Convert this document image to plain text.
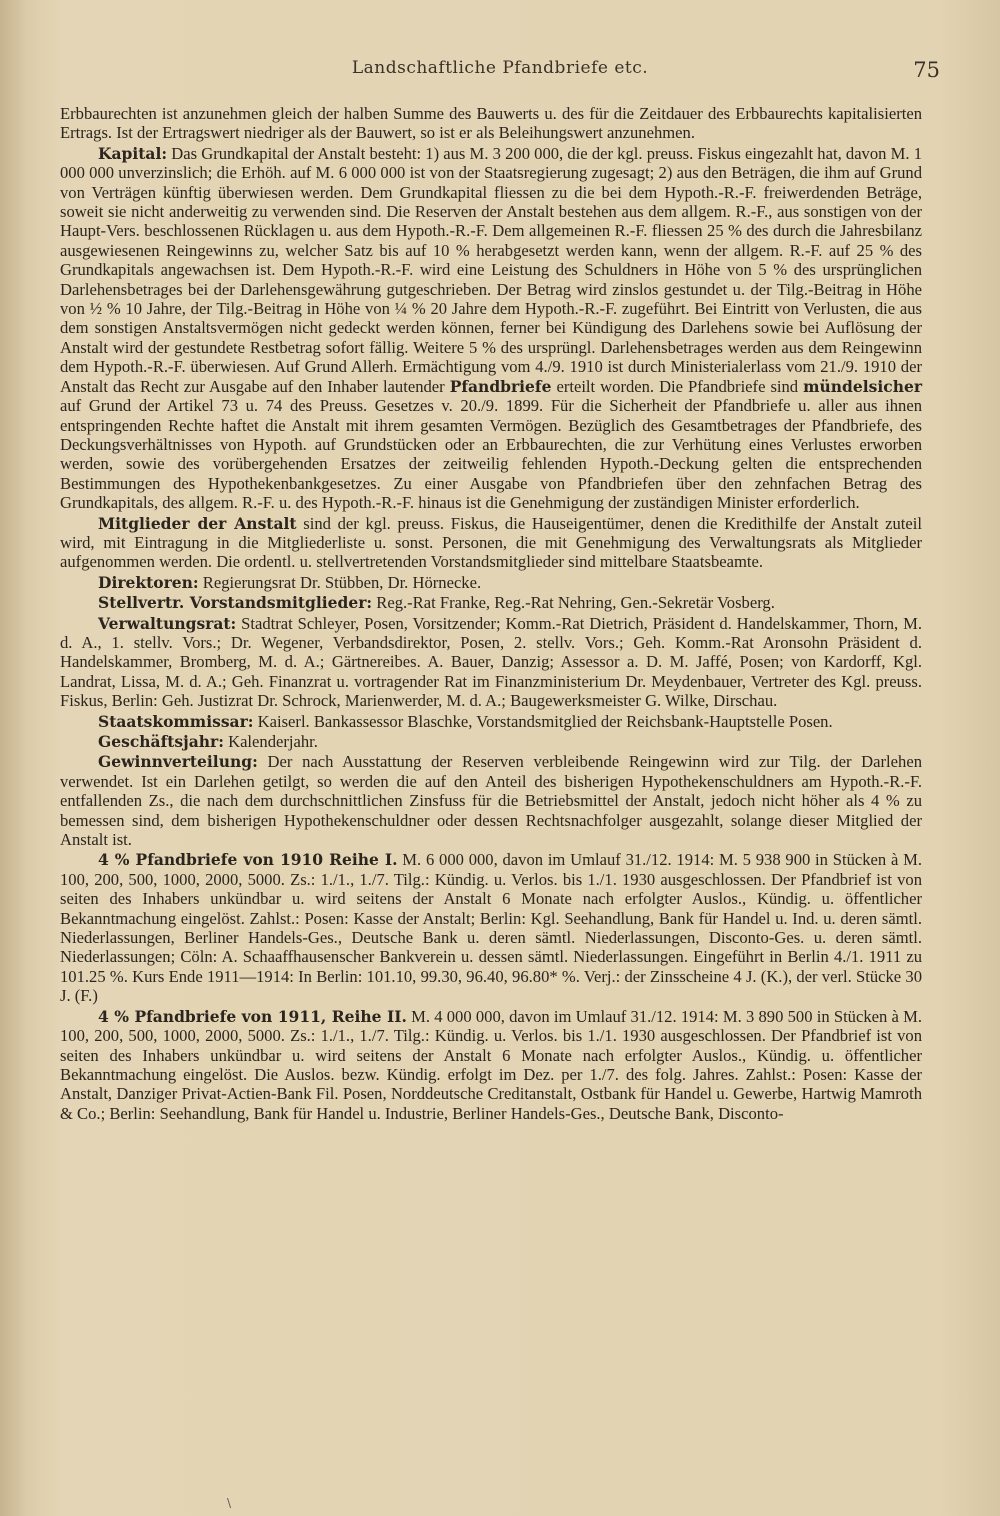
Landschaftliche Pfandbriefe etc.	75

Erbbaurechten ist anzunehmen gleich der halben Summe des Bauwerts u. des für die Zeitdauer des Erbbaurechts kapitalisierten Ertrags. Ist der Ertragswert niedriger als der Bauwert, so ist er als Beleihungswert anzunehmen.

Kapital: Das Grundkapital der Anstalt besteht: 1) aus M. 3 200 000, die der kgl. preuss. Fiskus eingezahlt hat, davon M. 1 000 000 unverzinslich; die Erhöh. auf M. 6 000 000 ist von der Staatsregierung zugesagt; 2) aus den Beträgen, die ihm auf Grund von Verträgen künftig überwiesen werden. Dem Grundkapital fliessen zu die bei dem Hypoth.-R.-F. freiwerdenden Beträge, soweit sie nicht anderweitig zu verwenden sind. Die Reserven der Anstalt bestehen aus dem allgem. R.-F., aus sonstigen von der Haupt-Vers. beschlossenen Rücklagen u. aus dem Hypoth.-R.-F. Dem allgemeinen R.-F. fliessen 25 % des durch die Jahresbilanz ausgewiesenen Reingewinns zu, welcher Satz bis auf 10 % herabgesetzt werden kann, wenn der allgem. R.-F. auf 25 % des Grundkapitals angewachsen ist. Dem Hypoth.-R.-F. wird eine Leistung des Schuldners in Höhe von 5 % des ursprünglichen Darlehensbetrages bei der Darlehensgewährung gutgeschrieben. Der Betrag wird zinslos gestundet u. der Tilg.-Beitrag in Höhe von ½ % 10 Jahre, der Tilg.-Beitrag in Höhe von ¼ % 20 Jahre dem Hypoth.-R.-F. zugeführt. Bei Eintritt von Verlusten, die aus dem sonstigen Anstaltsvermögen nicht gedeckt werden können, ferner bei Kündigung des Darlehens sowie bei Auflösung der Anstalt wird der gestundete Restbetrag sofort fällig. Weitere 5 % des ursprüngl. Darlehensbetrages werden aus dem Reingewinn dem Hypoth.-R.-F. überwiesen. Auf Grund Allerh. Ermächtigung vom 4./9. 1910 ist durch Ministerialerlass vom 21./9. 1910 der Anstalt das Recht zur Ausgabe auf den Inhaber lautender Pfandbriefe erteilt worden. Die Pfandbriefe sind mündelsicher auf Grund der Artikel 73 u. 74 des Preuss. Gesetzes v. 20./9. 1899. Für die Sicherheit der Pfandbriefe u. aller aus ihnen entspringenden Rechte haftet die Anstalt mit ihrem gesamten Vermögen. Bezüglich des Gesamtbetrages der Pfandbriefe, des Deckungsverhältnisses von Hypoth. auf Grundstücken oder an Erbbaurechten, die zur Verhütung eines Verlustes erworben werden, sowie des vorübergehenden Ersatzes der zeitweilig fehlenden Hypoth.-Deckung gelten die entsprechenden Bestimmungen des Hypothekenbankgesetzes. Zu einer Ausgabe von Pfandbriefen über den zehnfachen Betrag des Grundkapitals, des allgem. R.-F. u. des Hypoth.-R.-F. hinaus ist die Genehmigung der zuständigen Minister erforderlich.

Mitglieder der Anstalt sind der kgl. preuss. Fiskus, die Hauseigentümer, denen die Kredithilfe der Anstalt zuteil wird, mit Eintragung in die Mitgliederliste u. sonst. Personen, die mit Genehmigung des Verwaltungsrats als Mitglieder aufgenommen werden. Die ordentl. u. stellvertretenden Vorstandsmitglieder sind mittelbare Staatsbeamte.

Direktoren: Regierungsrat Dr. Stübben, Dr. Hörnecke.

Stellvertr. Vorstandsmitglieder: Reg.-Rat Franke, Reg.-Rat Nehring, Gen.-Sekretär Vosberg.

Verwaltungsrat: Stadtrat Schleyer, Posen, Vorsitzender; Komm.-Rat Dietrich, Präsident d. Handelskammer, Thorn, M. d. A., 1. stellv. Vors.; Dr. Wegener, Verbandsdirektor, Posen, 2. stellv. Vors.; Geh. Komm.-Rat Aronsohn Präsident d. Handelskammer, Bromberg, M. d. A.; Gärtnereibes. A. Bauer, Danzig; Assessor a. D. M. Jaffé, Posen; von Kardorff, Kgl. Landrat, Lissa, M. d. A.; Geh. Finanzrat u. vortragender Rat im Finanzministerium Dr. Meydenbauer, Vertreter des Kgl. preuss. Fiskus, Berlin: Geh. Justizrat Dr. Schrock, Marienwerder, M. d. A.; Baugewerksmeister G. Wilke, Dirschau.

Staatskommissar: Kaiserl. Bankassessor Blaschke, Vorstandsmitglied der Reichsbank-Hauptstelle Posen.

Geschäftsjahr: Kalenderjahr.

Gewinnverteilung: Der nach Ausstattung der Reserven verbleibende Reingewinn wird zur Tilg. der Darlehen verwendet. Ist ein Darlehen getilgt, so werden die auf den Anteil des bisherigen Hypothekenschuldners am Hypoth.-R.-F. entfallenden Zs., die nach dem durchschnittlichen Zinsfuss für die Betriebsmittel der Anstalt, jedoch nicht höher als 4 % zu bemessen sind, dem bisherigen Hypothekenschuldner oder dessen Rechtsnachfolger ausgezahlt, solange dieser Mitglied der Anstalt ist.

4 % Pfandbriefe von 1910 Reihe I. M. 6 000 000, davon im Umlauf 31./12. 1914: M. 5 938 900 in Stücken à M. 100, 200, 500, 1000, 2000, 5000. Zs.: 1./1., 1./7. Tilg.: Kündig. u. Verlos. bis 1./1. 1930 ausgeschlossen. Der Pfandbrief ist von seiten des Inhabers unkündbar u. wird seitens der Anstalt 6 Monate nach erfolgter Auslos., Kündig. u. öffentlicher Bekanntmachung eingelöst. Zahlst.: Posen: Kasse der Anstalt; Berlin: Kgl. Seehandlung, Bank für Handel u. Ind. u. deren sämtl. Niederlassungen, Berliner Handels-Ges., Deutsche Bank u. deren sämtl. Niederlassungen, Disconto-Ges. u. deren sämtl. Niederlassungen; Cöln: A. Schaaffhausenscher Bankverein u. dessen sämtl. Niederlassungen. Eingeführt in Berlin 4./1. 1911 zu 101.25 %. Kurs Ende 1911—1914: In Berlin: 101.10, 99.30, 96.40, 96.80* %. Verj.: der Zinsscheine 4 J. (K.), der verl. Stücke 30 J. (F.)

4 % Pfandbriefe von 1911, Reihe II. M. 4 000 000, davon im Umlauf 31./12. 1914: M. 3 890 500 in Stücken à M. 100, 200, 500, 1000, 2000, 5000. Zs.: 1./1., 1./7. Tilg.: Kündig. u. Verlos. bis 1./1. 1930 ausgeschlossen. Der Pfandbrief ist von seiten des Inhabers unkündbar u. wird seitens der Anstalt 6 Monate nach erfolgter Auslos., Kündig. u. öffentlicher Bekanntmachung eingelöst. Die Auslos. bezw. Kündig. erfolgt im Dez. per 1./7. des folg. Jahres. Zahlst.: Posen: Kasse der Anstalt, Danziger Privat-Actien-Bank Fil. Posen, Norddeutsche Creditanstalt, Ostbank für Handel u. Gewerbe, Hartwig Mamroth & Co.; Berlin: Seehandlung, Bank für Handel u. Industrie, Berliner Handels-Ges., Deutsche Bank, Disconto-

\
